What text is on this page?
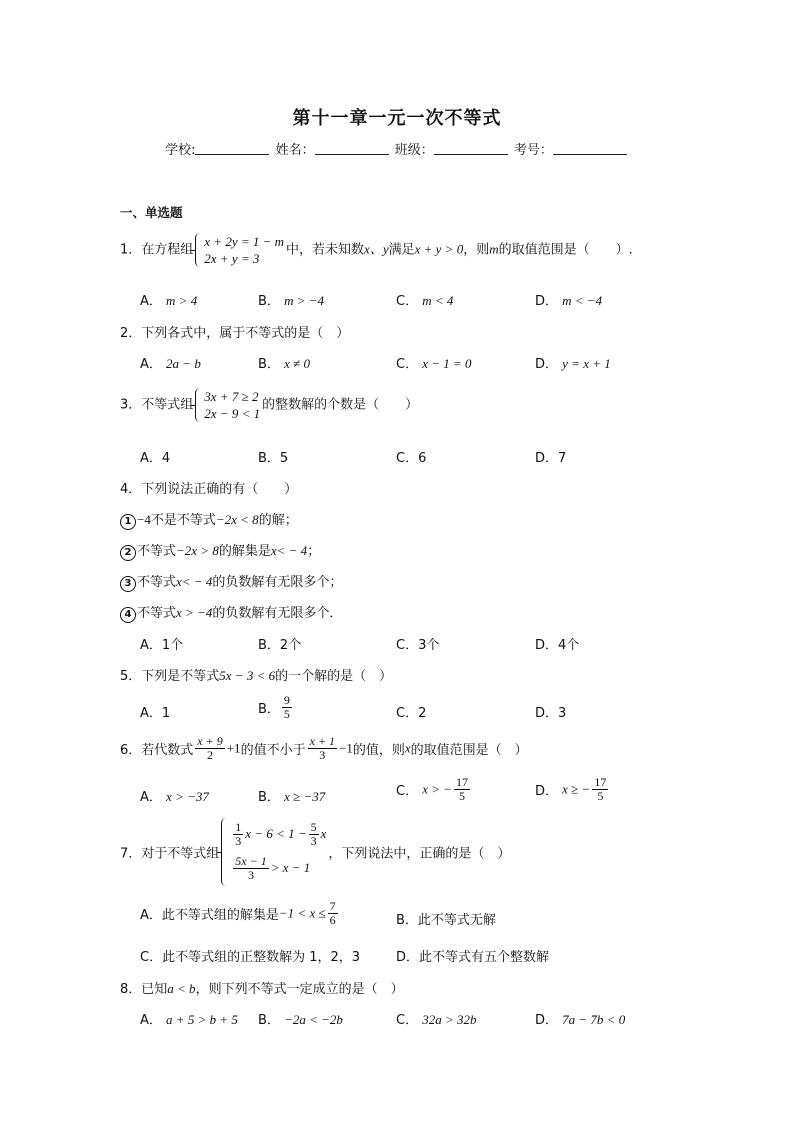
第十一章一元一次不等式
学校:	姓名：	班级：	考号：
一、单选题
1．在方程组
x + 2y = 1 − m
2x + y = 3
中，若未知数x、y满足x + y > 0，则m的取值范围是（　　）.
A． m > 4	B． m > −4	C． m < 4	D． m < −4
2．下列各式中，属于不等式的是（　）
A． 2a − b	B． x ≠ 0	C． x − 1 = 0	D． y = x + 1
3．不等式组
3x + 7 ≥ 2
2x − 9 < 1
的整数解的个数是（　　）
A．4	B．5	C．6	D．7
4．下列说法正确的有（　　）
1 −4不是不等式−2x < 8的解；
2 不等式−2x > 8的解集是x< − 4；
3 不等式x< − 4的负数解有无限多个；
4 不等式x > −4的负数解有无限多个．
A．1个	B．2个	C．3个	D．4个
5．下列是不等式5x − 3 < 6的一个解的是（　）
A．1	B． $\frac{9}{5}$	C．2	D．3
6．若代数式 $\frac{x + 9}{2} +1$的值不小于 $\frac{x + 1}{3} -1$的值，则x的取值范围是（　）
A． x > −37	B． x ≥ −37	C． x > − $\frac{17}{5}$	D． x ≥ − $\frac{17}{5}$
7．对于不等式组
$\frac{1}{3}$ $x - 6 < 1 - \frac{5}{3}$ x
$\frac{5x - 1}{3} > x - 1$
，下列说法中，正确的是（　）
A．此不等式组的解集是$-1 < x \le \frac{7}{6}$	B．此不等式无解
C．此不等式组的正整数解为 1，2，3	D．此不等式有五个整数解
8．已知a < b，则下列不等式一定成立的是（　）
A． a + 5 > b + 5 B． −2a < −2b	C． 32a > 32b	D． 7a − 7b < 0
